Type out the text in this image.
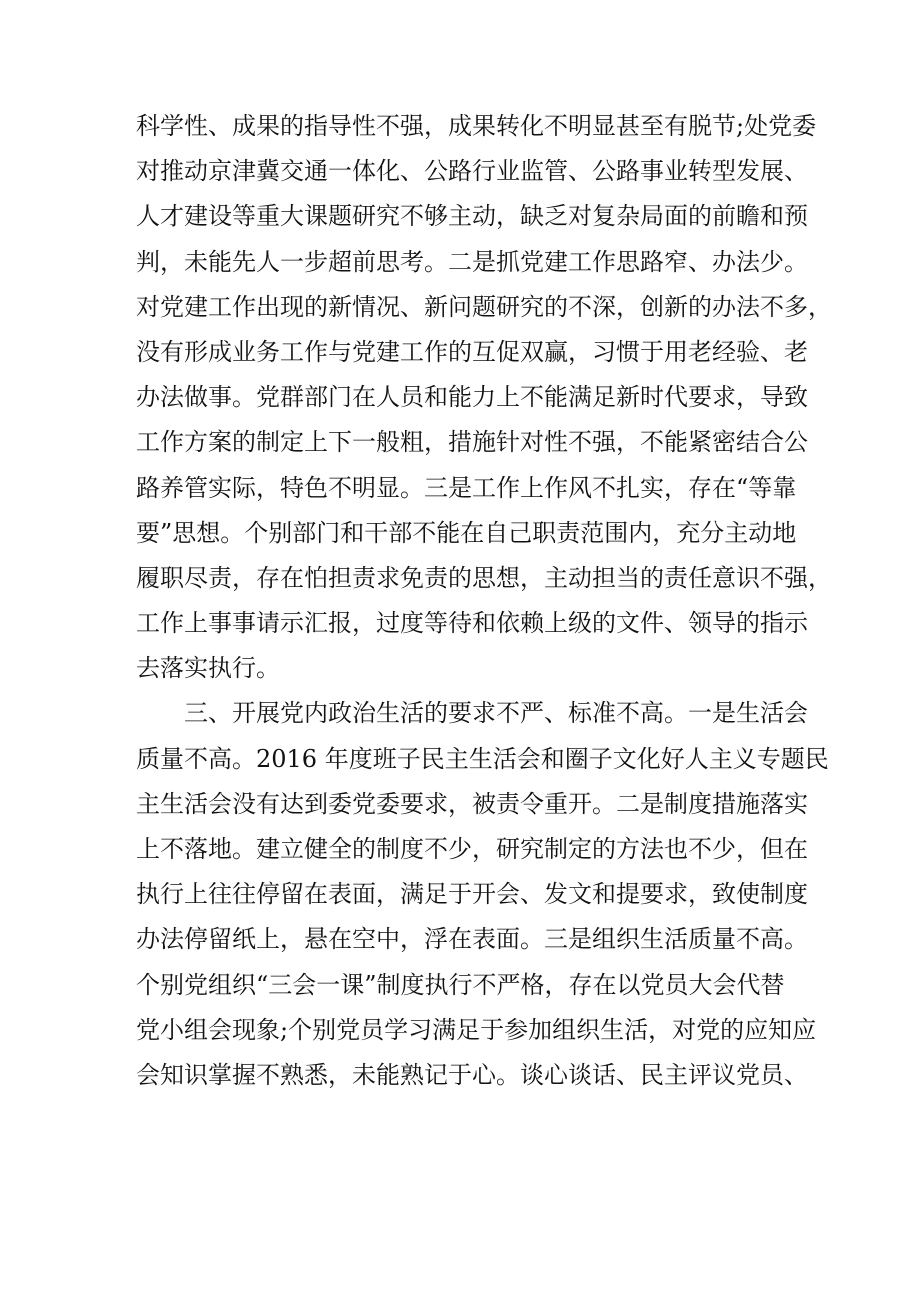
科学性、成果的指导性不强，成果转化不明显甚至有脱节;处党委
对推动京津冀交通一体化、公路行业监管、公路事业转型发展、
人才建设等重大课题研究不够主动，缺乏对复杂局面的前瞻和预
判，未能先人一步超前思考。二是抓党建工作思路窄、办法少。
对党建工作出现的新情况、新问题研究的不深，创新的办法不多，
没有形成业务工作与党建工作的互促双赢，习惯于用老经验、老
办法做事。党群部门在人员和能力上不能满足新时代要求，导致
工作方案的制定上下一般粗，措施针对性不强，不能紧密结合公
路养管实际，特色不明显。三是工作上作风不扎实，存在“等靠
要”思想。个别部门和干部不能在自己职责范围内，充分主动地
履职尽责，存在怕担责求免责的思想，主动担当的责任意识不强，
工作上事事请示汇报，过度等待和依赖上级的文件、领导的指示
去落实执行。
　　三、开展党内政治生活的要求不严、标准不高。一是生活会
质量不高。2016 年度班子民主生活会和圈子文化好人主义专题民
主生活会没有达到委党委要求，被责令重开。二是制度措施落实
上不落地。建立健全的制度不少，研究制定的方法也不少，但在
执行上往往停留在表面，满足于开会、发文和提要求，致使制度
办法停留纸上，悬在空中，浮在表面。三是组织生活质量不高。
个别党组织“三会一课”制度执行不严格，存在以党员大会代替
党小组会现象;个别党员学习满足于参加组织生活，对党的应知应
会知识掌握不熟悉，未能熟记于心。谈心谈话、民主评议党员、
